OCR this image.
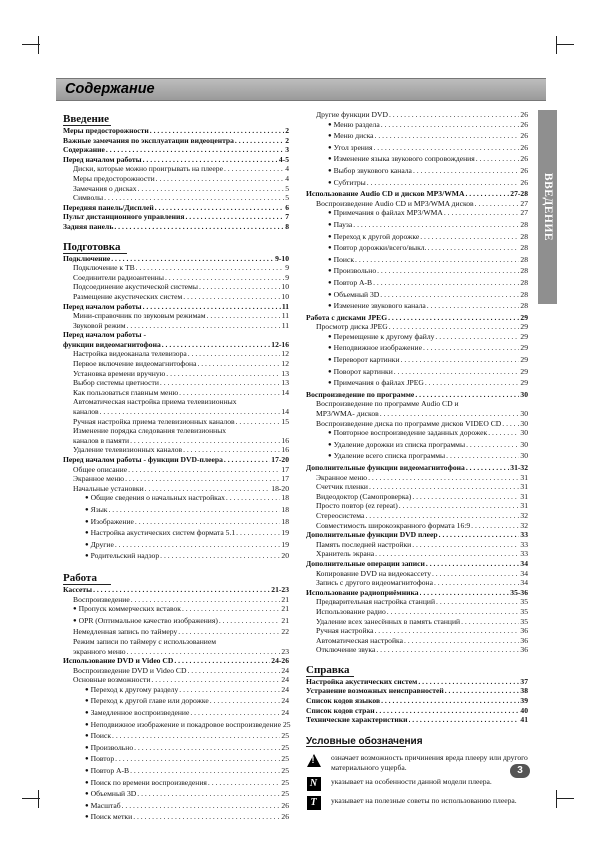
Содержание
ВВЕДЕНИЕ
Введение
Меры предосторожности . . .	2
Важные замечания по эксплуатации видеоцентра . . .	2
Содержание . . .	3
Перед началом работы . . .	4-5
Диски, которые можно проигрывать на плеере . . .	4
Меры предосторожности . . .	4
Замечания о дисках . . .	5
Символы . . .	5
Передняя панель/Дисплей . . .	6
Пульт дистанционного управления . . .	7
Задняя панель . . .	8
Подготовка
Подключение . . .	9-10
Подключение к ТВ . . .	9
Соединители радиоантенны . . .	9
Подсоединение акустической системы . . .	10
Размещение акустических систем . . .	10
Перед началом работы . . .	11
Мини-справочник по звуковым режимам . . .	11
Звуковой режим . . .	11
Перед началом работы -
функции видеомагнитофона . . .	12-16
Настройка видеоканала телевизора . . .	12
Первое включение видеомагнитофона . . .	12
Установка времени вручную . . .	13
Выбор системы цветности . . .	13
Как пользоваться главным меню . . .	14
Автоматическая настройка приема телевизионных
каналов . . .	14
Ручная настройка приема телевизионных каналов . . .	15
Изменение порядка следования телевизионных
каналов в памяти . . .	16
Удаление телевизионных каналов . . .	16
Перед началом работы - функции DVD-плеера . . .	17-20
Общее описание . . .	17
Экранное меню . . .	17
Начальные установки . . .	18-20
● Общие сведения о начальных настройках . . .	18
● Язык . . .	18
● Изображение . . .	18
● Настройка акустических систем формата 5.1 . . .	19
● Другие . . .	19
● Родительский надзор . . .	20
Работа
Кассеты . . .	21-23
Воспроизведение . . .	21
● Пропуск коммерческих вставок . . .	21
● OPR (Оптимальное качество изображения) . . .	21
Немедленная запись по таймеру . . .	22
Режим записи по таймеру с использованием
экранного меню . . .	23
Использование DVD и Video CD . . .	24-26
Воспроизведение DVD и Video CD . . .	24
Основные возможности . . .	24
● Переход к другому разделу . . .	24
● Переход к другой главе или дорожке . . .	24
● Замедленное воспроизведение . . .	24
● Неподвижное изображение и покадровое воспроизведение 25
● Поиск . . .	25
● Произвольно . . .	25
● Повтор . . .	25
● Повтор A-B . . .	25
● Поиск по времени воспроизведения . . .	25
● Объемный 3D . . .	25
● Масштаб . . .	26
● Поиск метки . . .	26
Другие функции DVD . . .	26
● Меню раздела . . .	26
● Меню диска . . .	26
● Угол зрения . . .	26
● Изменение языка звукового сопровождения . . .	26
● Выбор звукового канала . . .	26
● Субтитры . . .	26
Использование Audio CD и дисков MP3/WMA . . .	27-28
Воспроизведение Audio CD и MP3/WMA дисков . . .	27
● Примечания о файлах MP3/WMA . . .	27
● Пауза . . .	28
● Переход к другой дорожке . . .	28
● Повтор дорожки/всего/выкл. . . .	28
● Поиск . . .	28
● Произвольно . . .	28
● Повтор A-B . . .	28
● Объемный 3D . . .	28
● Изменение звукового канала . . .	28
Работа с дисками JPEG . . .	29
Просмотр диска JPEG . . .	29
● Перемещение к другому файлу . . .	29
● Неподвижное изображение . . .	29
● Переворот картинки . . .	29
● Поворот картинки . . .	29
● Примечания о файлах JPEG . . .	29
Воспроизведение по программе . . .	30
Воспроизведение по программе Audio CD и
MP3/WMA- дисков . . .	30
Воспроизведение диска по программе дисков VIDEO CD . . .	30
● Повторное воспроизведение заданных дорожек . . .	30
● Удаление дорожки из списка программы . . .	30
● Удаление всего списка программы . . .	30
Дополнительные функции видеомагнитофона . . .	31-32
Экранное меню . . .	31
Счетчик пленки . . .	31
Видеодоктор (Самопроверка) . . .	31
Просто повтор (ez repeat) . . .	31
Стереосистема . . .	32
Совместимость широкоэкранного формата 16:9 . . .	32
Дополнительные функции DVD плеер . . .	33
Память последней настройки . . .	33
Хранитель экрана . . .	33
Дополнительные операции записи . . .	34
Копирование DVD на видеокассету . . .	34
Запись с другого видеомагнитофона . . .	34
Использование радиоприёмника . . .	35-36
Предварительная настройка станций . . .	35
Использование радио . . .	35
Удаление всех занесённых в память станций . . .	35
Ручная настройка . . .	36
Автоматическая настройка . . .	36
Отключение звука . . .	36
Справка
Настройка акустических систем . . .	37
Устранение возможных неисправностей . . .	38
Список кодов языков . . .	39
Список кодов стран . . .	40
Технические характеристики . . .	41
Условные обозначения
!
означает возможность причинения вреда плееру или другого материального ущерба.
N	указывает на особенности данной модели плеера.
T	указывает на полезные советы по использованию плеера.
3
